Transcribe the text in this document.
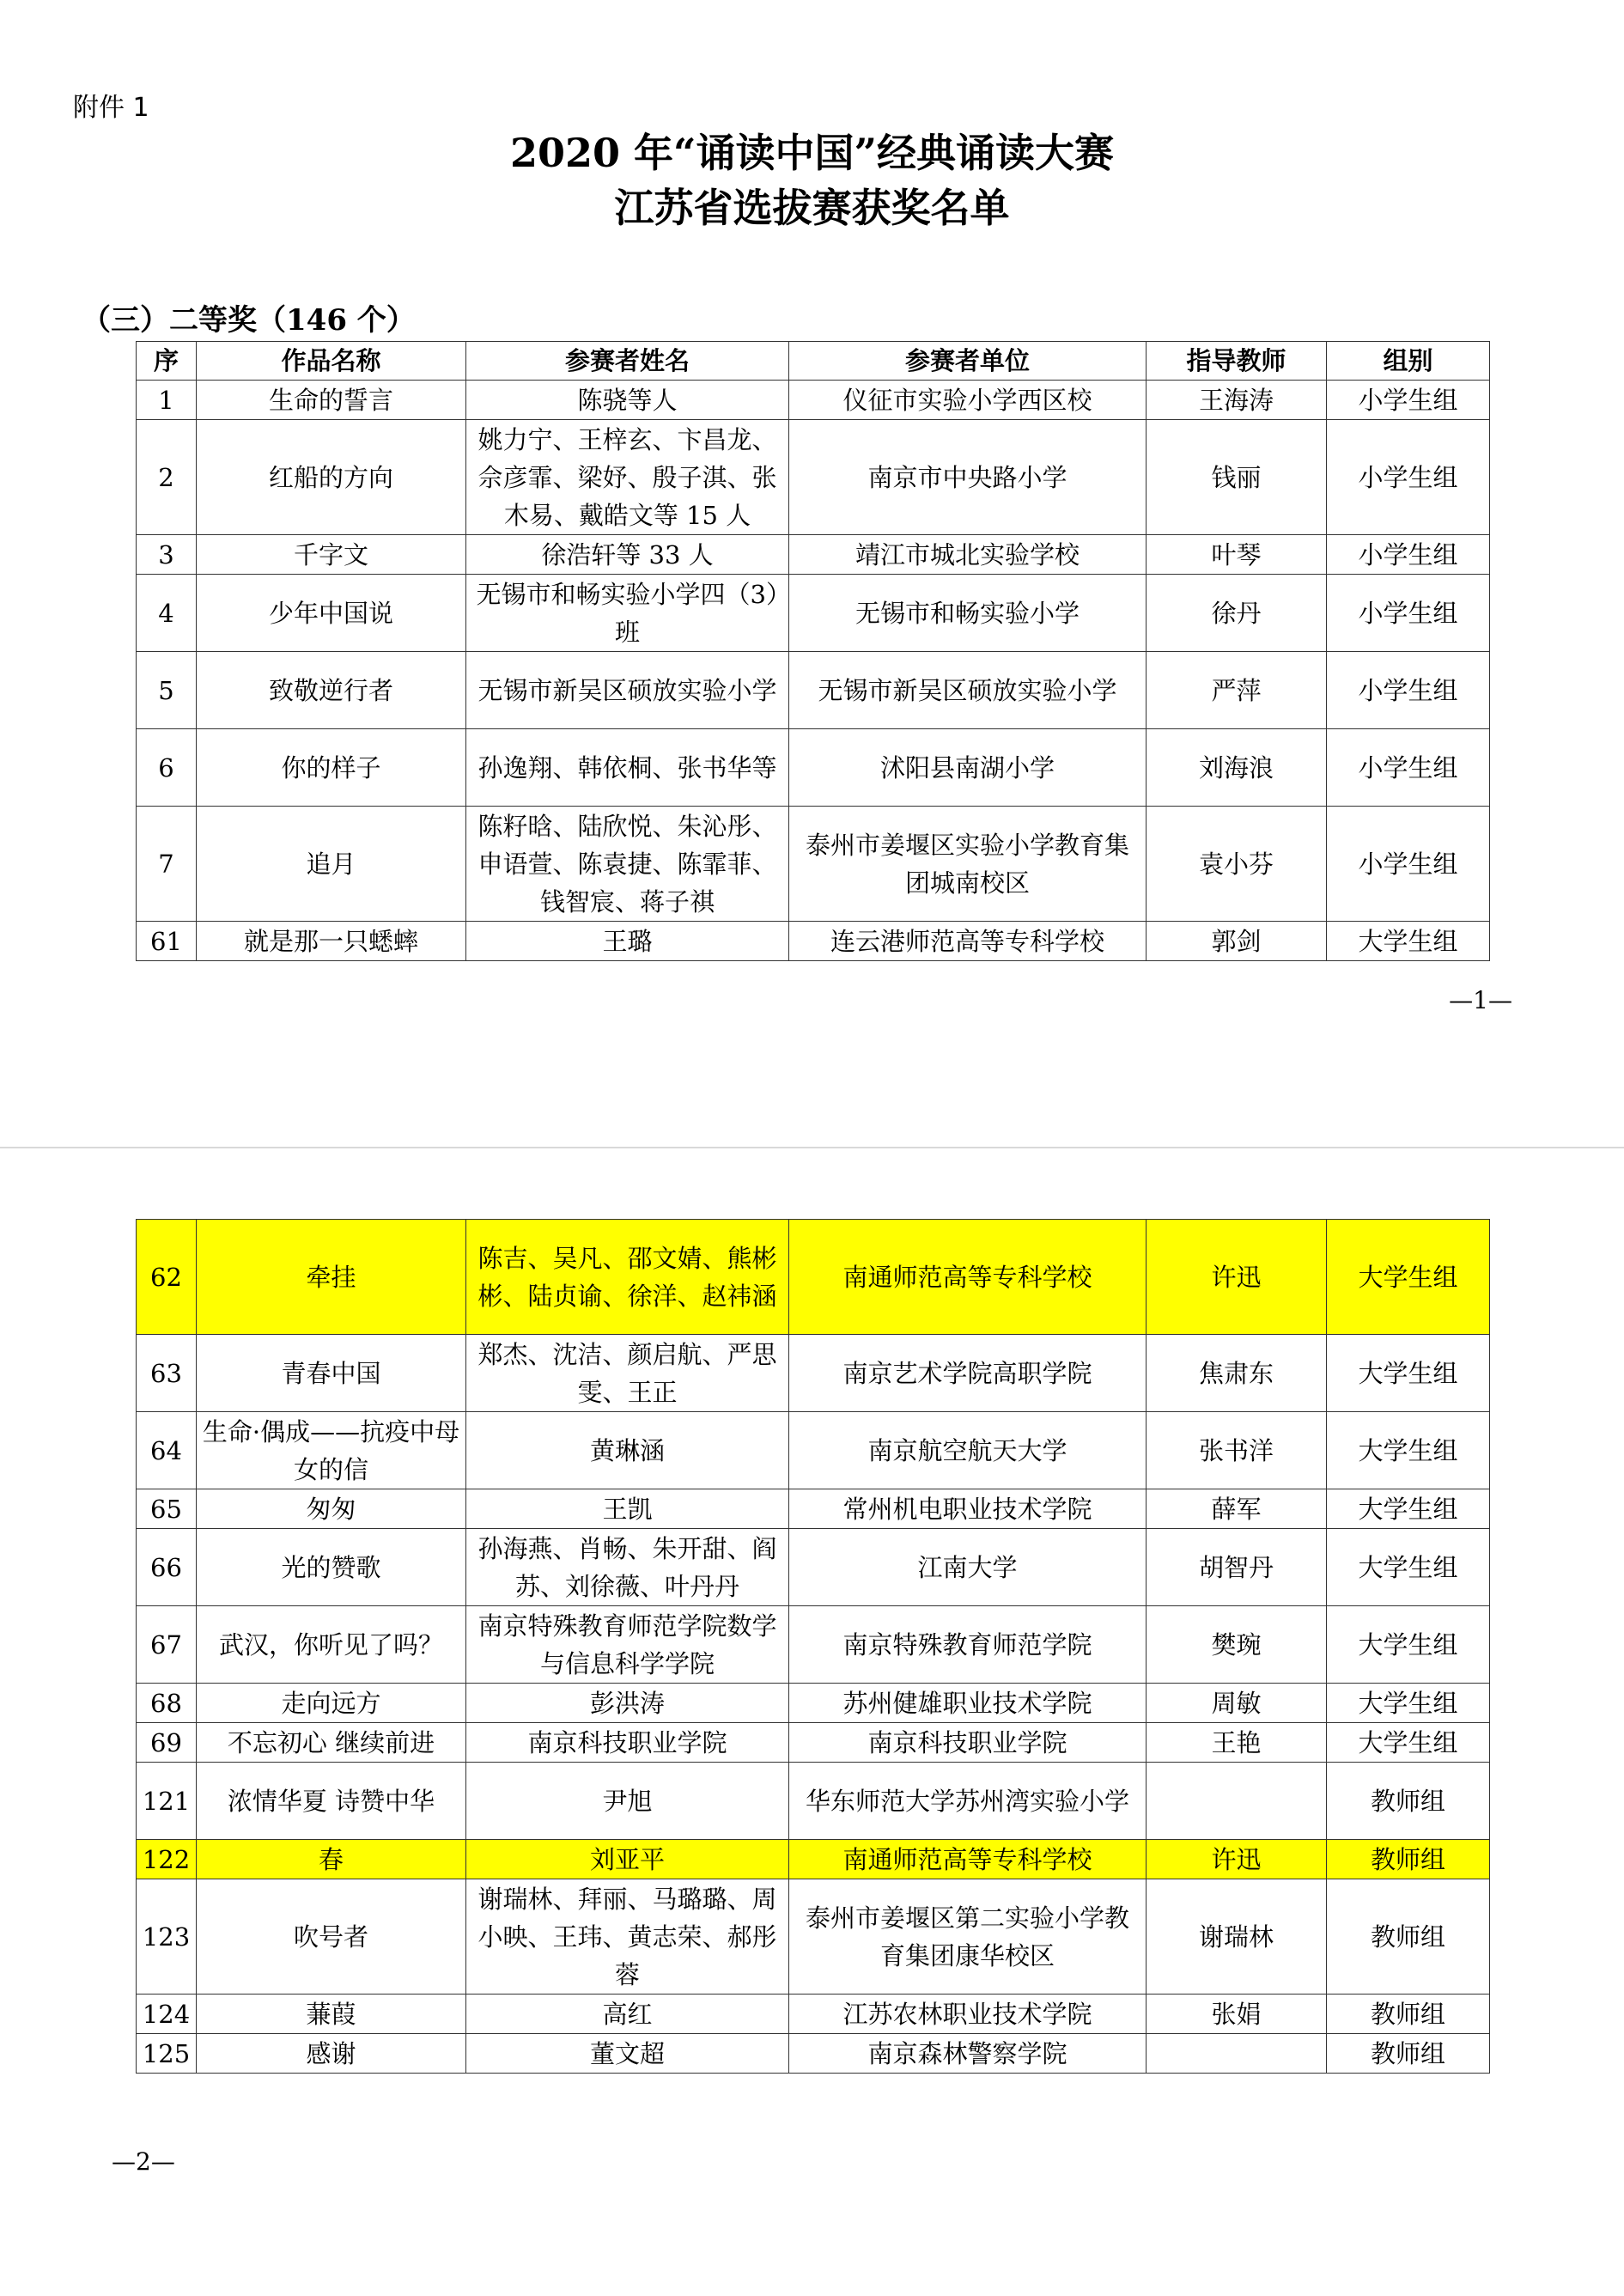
附件 1
2020 年“诵读中国”经典诵读大赛
江苏省选拔赛获奖名单
（三）二等奖（146 个）
序	作品名称	参赛者姓名	参赛者单位	指导教师	组别
1	生命的誓言	陈骁等人	仪征市实验小学西区校	王海涛	小学生组
2	红船的方向	姚力宁、王梓玄、卞昌龙、佘彦霏、梁妤、殷子淇、张木易、戴皓文等 15 人	南京市中央路小学	钱丽	小学生组
3	千字文	徐浩轩等 33 人	靖江市城北实验学校	叶琴	小学生组
4	少年中国说	无锡市和畅实验小学四（3）班	无锡市和畅实验小学	徐丹	小学生组
5	致敬逆行者	无锡市新吴区硕放实验小学	无锡市新吴区硕放实验小学	严萍	小学生组
6	你的样子	孙逸翔、韩依桐、张书华等	沭阳县南湖小学	刘海浪	小学生组
7	追月	陈籽晗、陆欣悦、朱沁彤、申语萱、陈袁捷、陈霏菲、钱智宸、蒋子祺	泰州市姜堰区实验小学教育集团城南校区	袁小芬	小学生组
61	就是那一只蟋蟀	王璐	连云港师范高等专科学校	郭剑	大学生组
—1—
62	牵挂	陈吉、吴凡、邵文婧、熊彬彬、陆贞谕、徐洋、赵祎涵	南通师范高等专科学校	许迅	大学生组
63	青春中国	郑杰、沈洁、颜启航、严思雯、王正	南京艺术学院高职学院	焦肃东	大学生组
64	生命·偶成——抗疫中母女的信	黄琳涵	南京航空航天大学	张书洋	大学生组
65	匆匆	王凯	常州机电职业技术学院	薛军	大学生组
66	光的赞歌	孙海燕、肖畅、朱开甜、阎苏、刘徐薇、叶丹丹	江南大学	胡智丹	大学生组
67	武汉，你听见了吗？	南京特殊教育师范学院数学与信息科学学院	南京特殊教育师范学院	樊琬	大学生组
68	走向远方	彭洪涛	苏州健雄职业技术学院	周敏	大学生组
69	不忘初心 继续前进	南京科技职业学院	南京科技职业学院	王艳	大学生组
121	浓情华夏 诗赞中华	尹旭	华东师范大学苏州湾实验小学		教师组
122	春	刘亚平	南通师范高等专科学校	许迅	教师组
123	吹号者	谢瑞林、拜丽、马璐璐、周小映、王玮、黄志荣、郝彤蓉	泰州市姜堰区第二实验小学教育集团康华校区	谢瑞林	教师组
124	蒹葭	高红	江苏农林职业技术学院	张娟	教师组
125	感谢	董文超	南京森林警察学院		教师组
—2—
